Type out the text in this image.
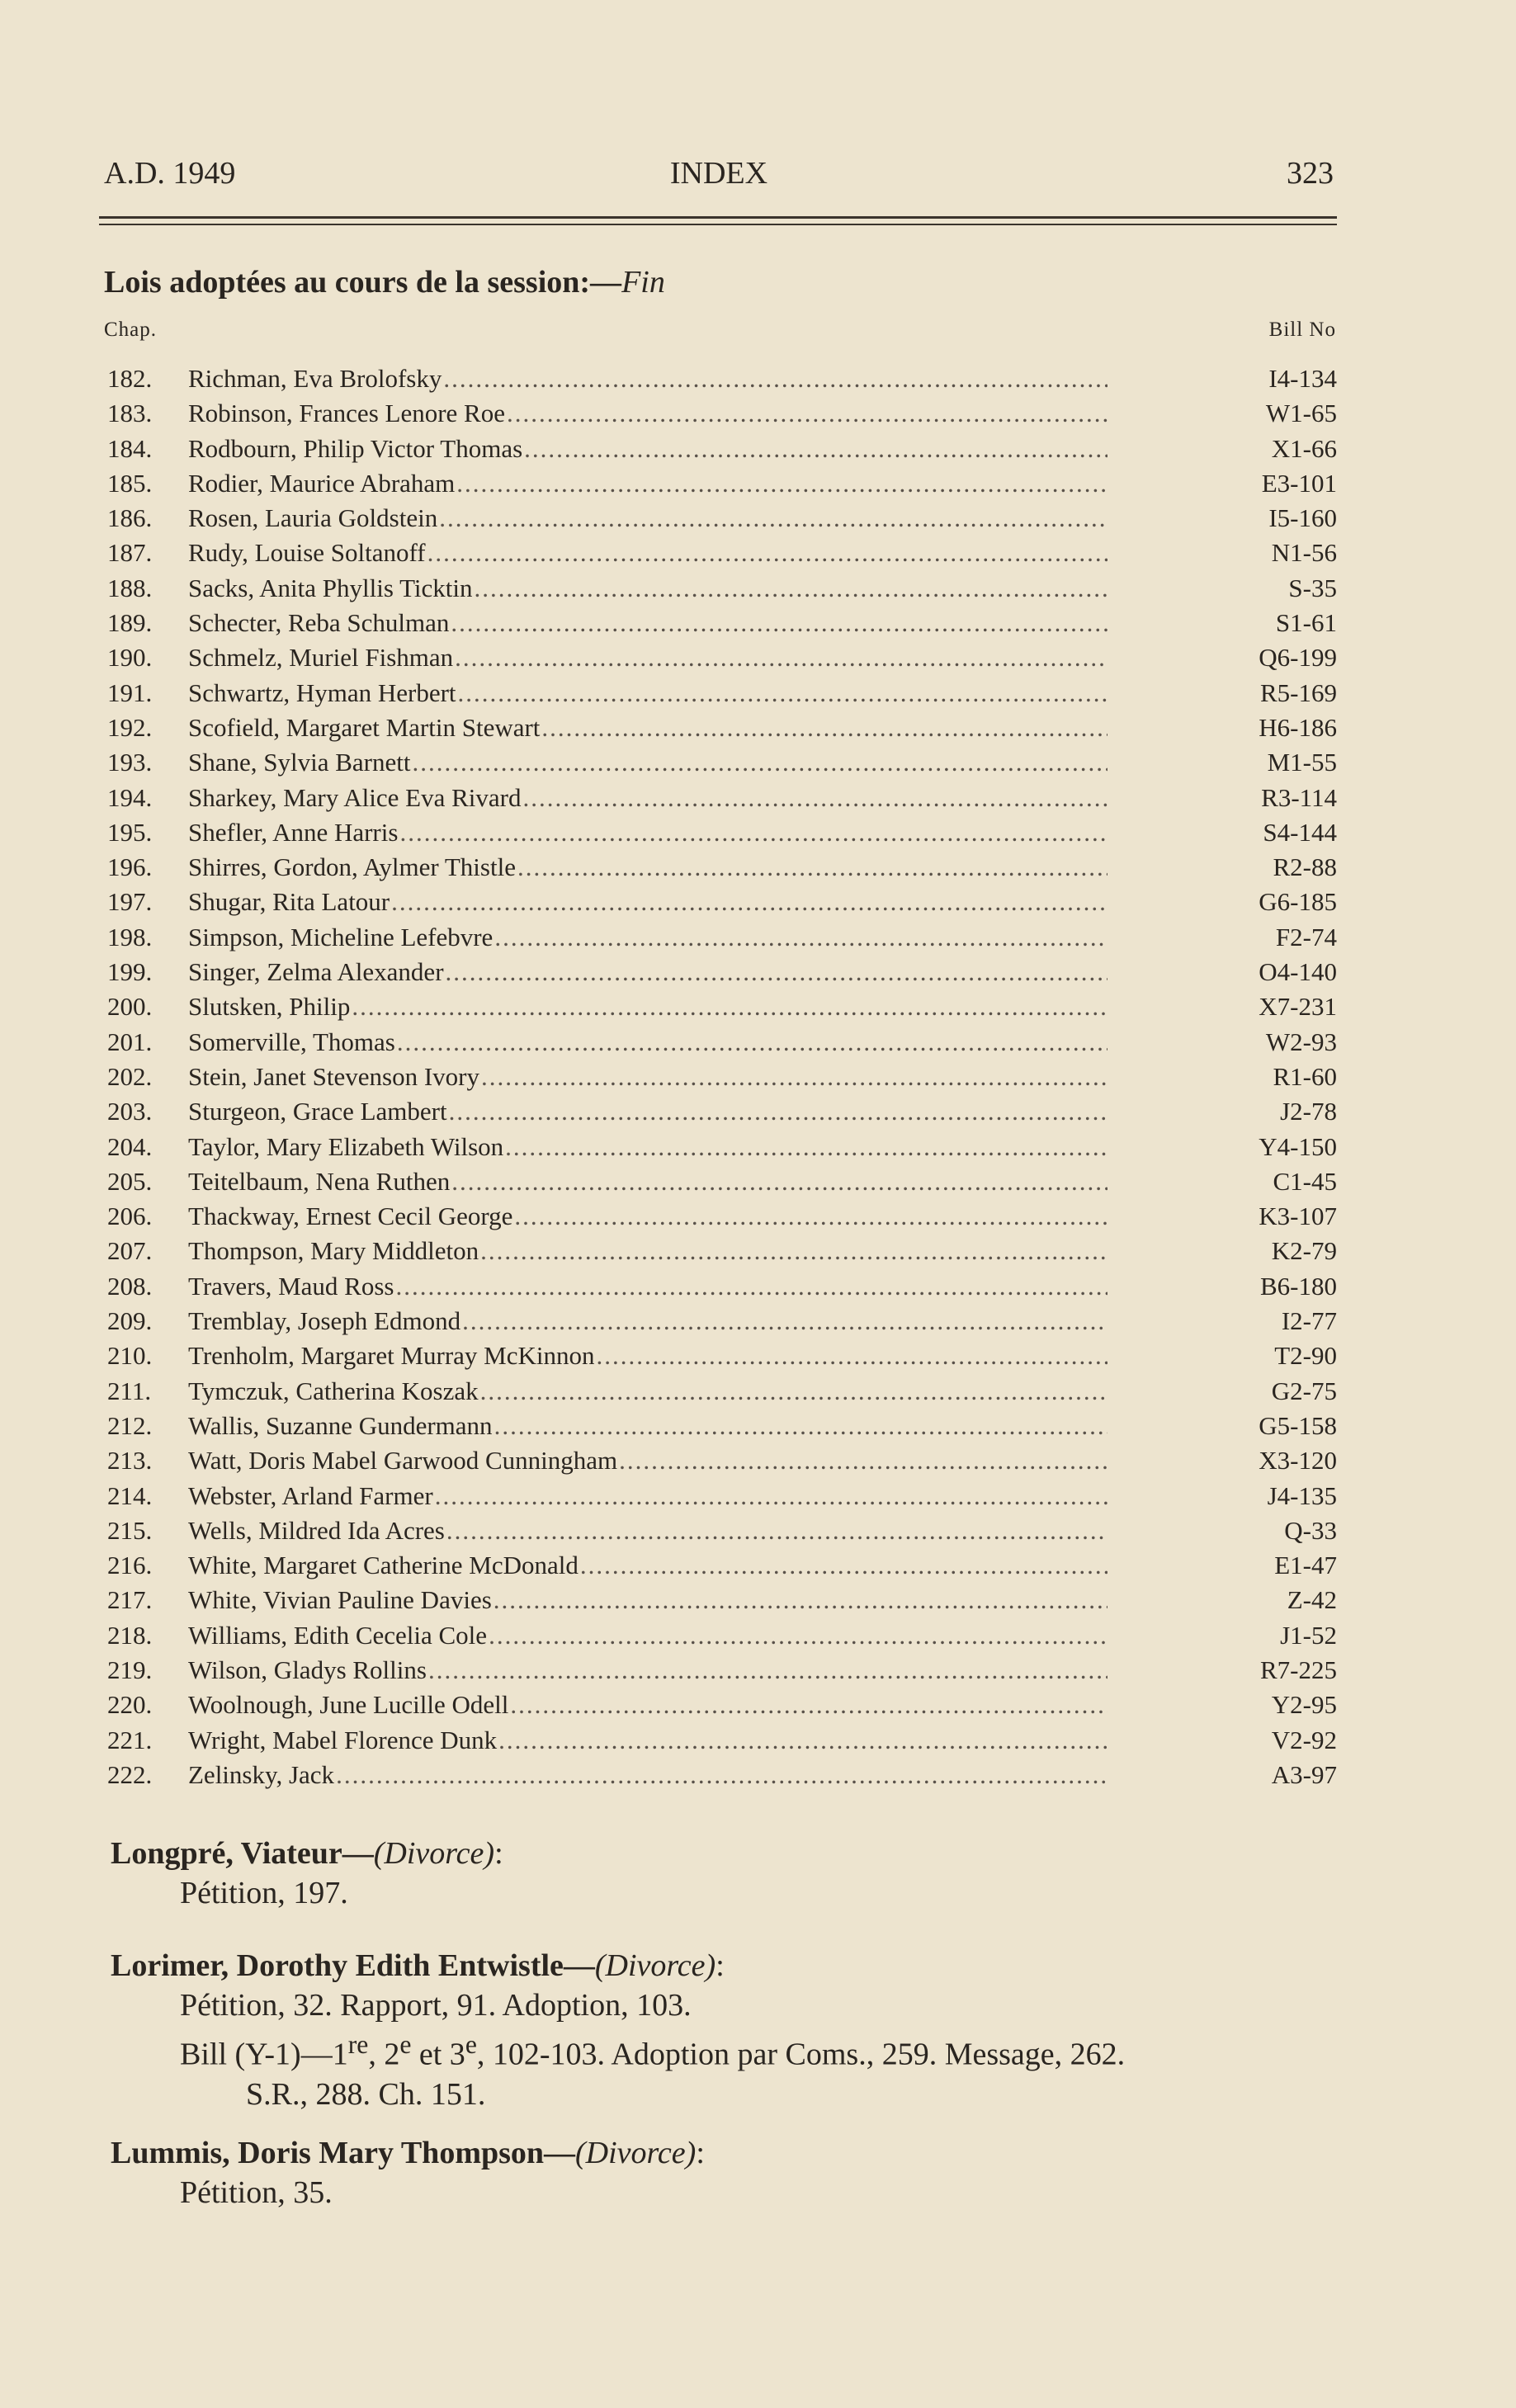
A.D. 1949	INDEX	323
Lois adoptées au cours de la session:—Fin
Chap.	Bill No
182.	Richman, Eva Brolofsky .....	I4-134
183.	Robinson, Frances Lenore Roe .....	W1-65
184.	Rodbourn, Philip Victor Thomas .....	X1-66
185.	Rodier, Maurice Abraham .....	E3-101
186.	Rosen, Lauria Goldstein .....	I5-160
187.	Rudy, Louise Soltanoff .....	N1-56
188.	Sacks, Anita Phyllis Ticktin .....	S-35
189.	Schecter, Reba Schulman .....	S1-61
190.	Schmelz, Muriel Fishman .....	Q6-199
191.	Schwartz, Hyman Herbert .....	R5-169
192.	Scofield, Margaret Martin Stewart .....	H6-186
193.	Shane, Sylvia Barnett .....	M1-55
194.	Sharkey, Mary Alice Eva Rivard .....	R3-114
195.	Shefler, Anne Harris .....	S4-144
196.	Shirres, Gordon, Aylmer Thistle .....	R2-88
197.	Shugar, Rita Latour .....	G6-185
198.	Simpson, Micheline Lefebvre .....	F2-74
199.	Singer, Zelma Alexander .....	O4-140
200.	Slutsken, Philip .....	X7-231
201.	Somerville, Thomas .....	W2-93
202.	Stein, Janet Stevenson Ivory .....	R1-60
203.	Sturgeon, Grace Lambert .....	J2-78
204.	Taylor, Mary Elizabeth Wilson .....	Y4-150
205.	Teitelbaum, Nena Ruthen .....	C1-45
206.	Thackway, Ernest Cecil George .....	K3-107
207.	Thompson, Mary Middleton .....	K2-79
208.	Travers, Maud Ross .....	B6-180
209.	Tremblay, Joseph Edmond .....	I2-77
210.	Trenholm, Margaret Murray McKinnon .....	T2-90
211.	Tymczuk, Catherina Koszak .....	G2-75
212.	Wallis, Suzanne Gundermann .....	G5-158
213.	Watt, Doris Mabel Garwood Cunningham .....	X3-120
214.	Webster, Arland Farmer .....	J4-135
215.	Wells, Mildred Ida Acres .....	Q-33
216.	White, Margaret Catherine McDonald .....	E1-47
217.	White, Vivian Pauline Davies .....	Z-42
218.	Williams, Edith Cecelia Cole .....	J1-52
219.	Wilson, Gladys Rollins .....	R7-225
220.	Woolnough, June Lucille Odell .....	Y2-95
221.	Wright, Mabel Florence Dunk .....	V2-92
222.	Zelinsky, Jack .....	A3-97
Longpré, Viateur—(Divorce):
Pétition, 197.
Lorimer, Dorothy Edith Entwistle—(Divorce):
Pétition, 32. Rapport, 91. Adoption, 103.
Bill (Y-1)—1re, 2e et 3e, 102-103. Adoption par Coms., 259. Message, 262.
S.R., 288. Ch. 151.
Lummis, Doris Mary Thompson—(Divorce):
Pétition, 35.
